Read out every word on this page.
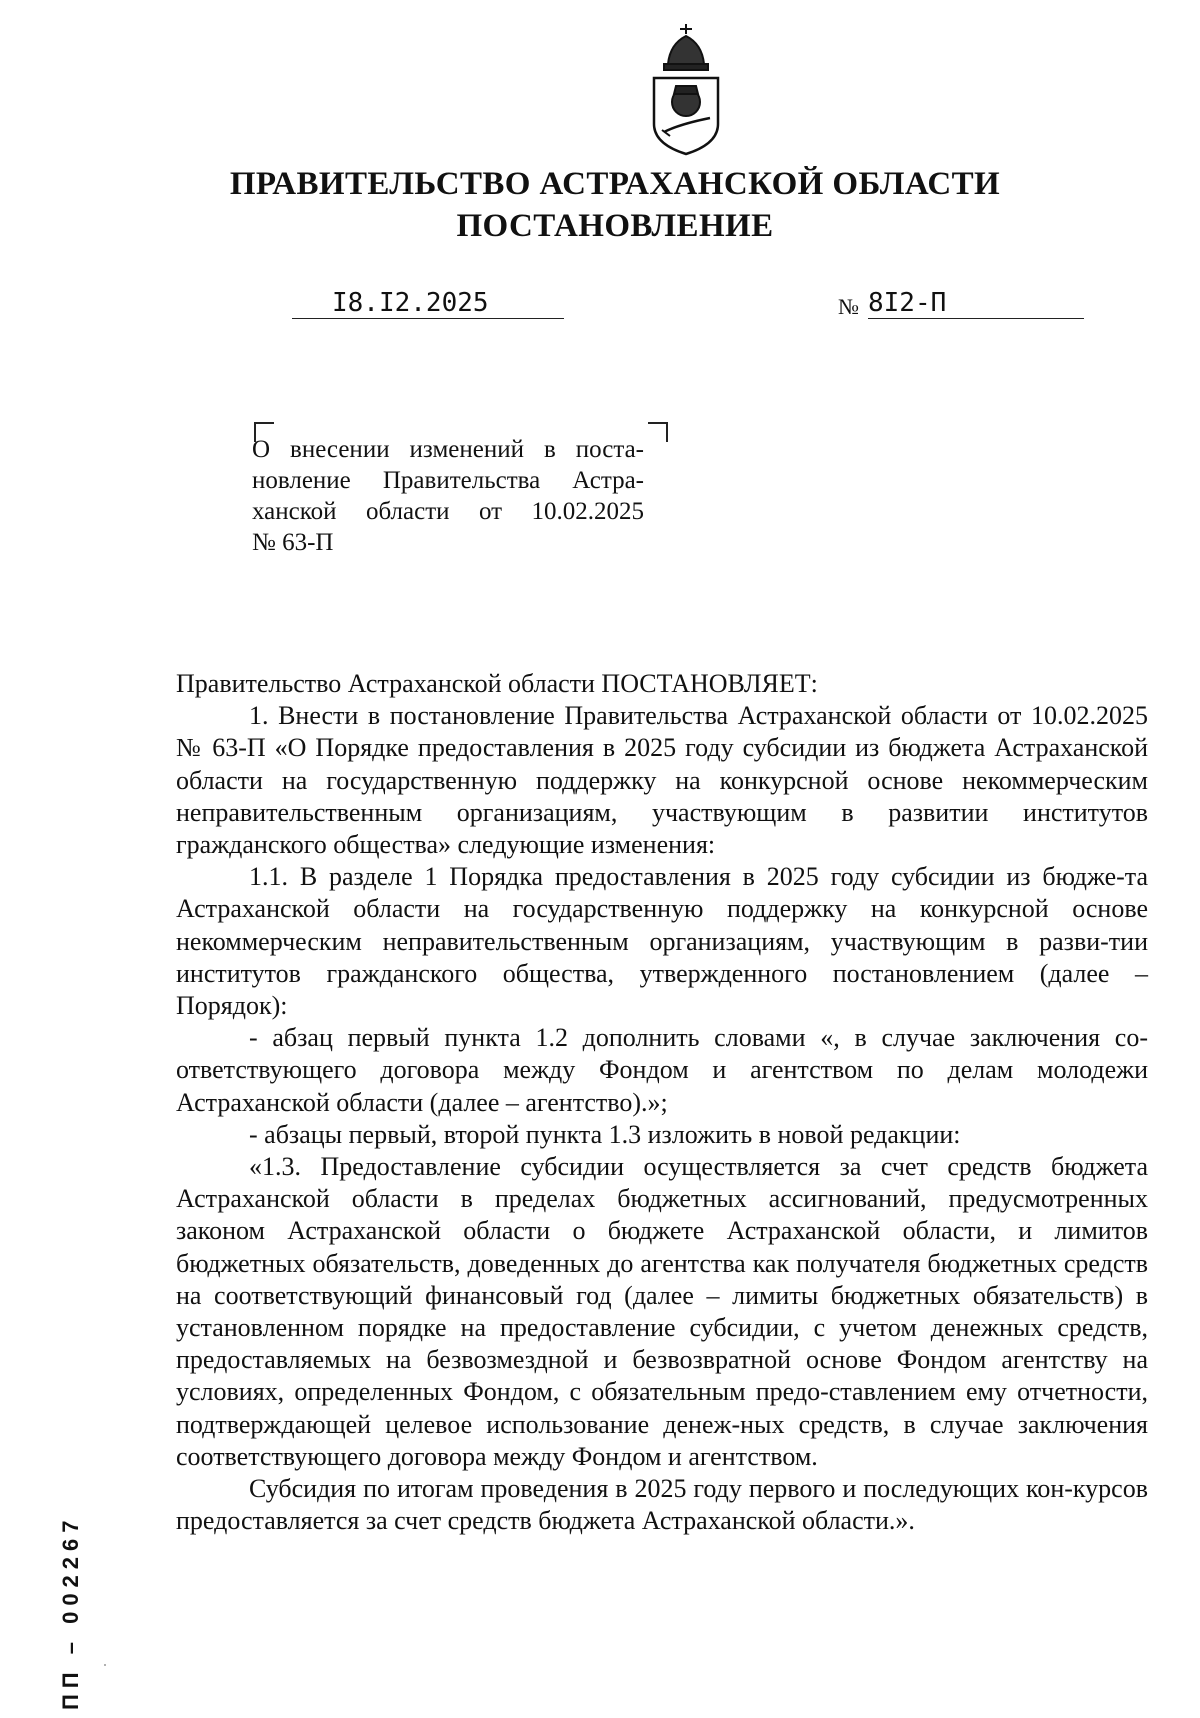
ПРАВИТЕЛЬСТВО АСТРАХАНСКОЙ ОБЛАСТИ
ПОСТАНОВЛЕНИЕ
I8.I2.2025	№ 8I2-П
О внесении изменений в поста-
новление Правительства Астра-
ханской области от 10.02.2025
№ 63-П

Правительство Астраханской области ПОСТАНОВЛЯЕТ:

1. Внести в постановление Правительства Астраханской области от 10.02.2025 № 63-П «О Порядке предоставления в 2025 году субсидии из бюджета Астраханской области на государственную поддержку на конкурсной основе некоммерческим неправительственным организациям, участвующим в развитии институтов гражданского общества» следующие изменения:

1.1. В разделе 1 Порядка предоставления в 2025 году субсидии из бюдже-та Астраханской области на государственную поддержку на конкурсной основе некоммерческим неправительственным организациям, участвующим в разви-тии институтов гражданского общества, утвержденного постановлением (далее – Порядок):

- абзац первый пункта 1.2 дополнить словами «, в случае заключения со-ответствующего договора между Фондом и агентством по делам молодежи Астраханской области (далее – агентство).»;

- абзацы первый, второй пункта 1.3 изложить в новой редакции:

«1.3. Предоставление субсидии осуществляется за счет средств бюджета Астраханской области в пределах бюджетных ассигнований, предусмотренных законом Астраханской области о бюджете Астраханской области, и лимитов бюджетных обязательств, доведенных до агентства как получателя бюджетных средств на соответствующий финансовый год (далее – лимиты бюджетных обязательств) в установленном порядке на предоставление субсидии, с учетом денежных средств, предоставляемых на безвозмездной и безвозвратной основе Фондом агентству на условиях, определенных Фондом, с обязательным предо-ставлением ему отчетности, подтверждающей целевое использование денеж-ных средств, в случае заключения соответствующего договора между Фондом и агентством.

Субсидия по итогам проведения в 2025 году первого и последующих кон-курсов предоставляется за счет средств бюджета Астраханской области.».

ПП – 002267
